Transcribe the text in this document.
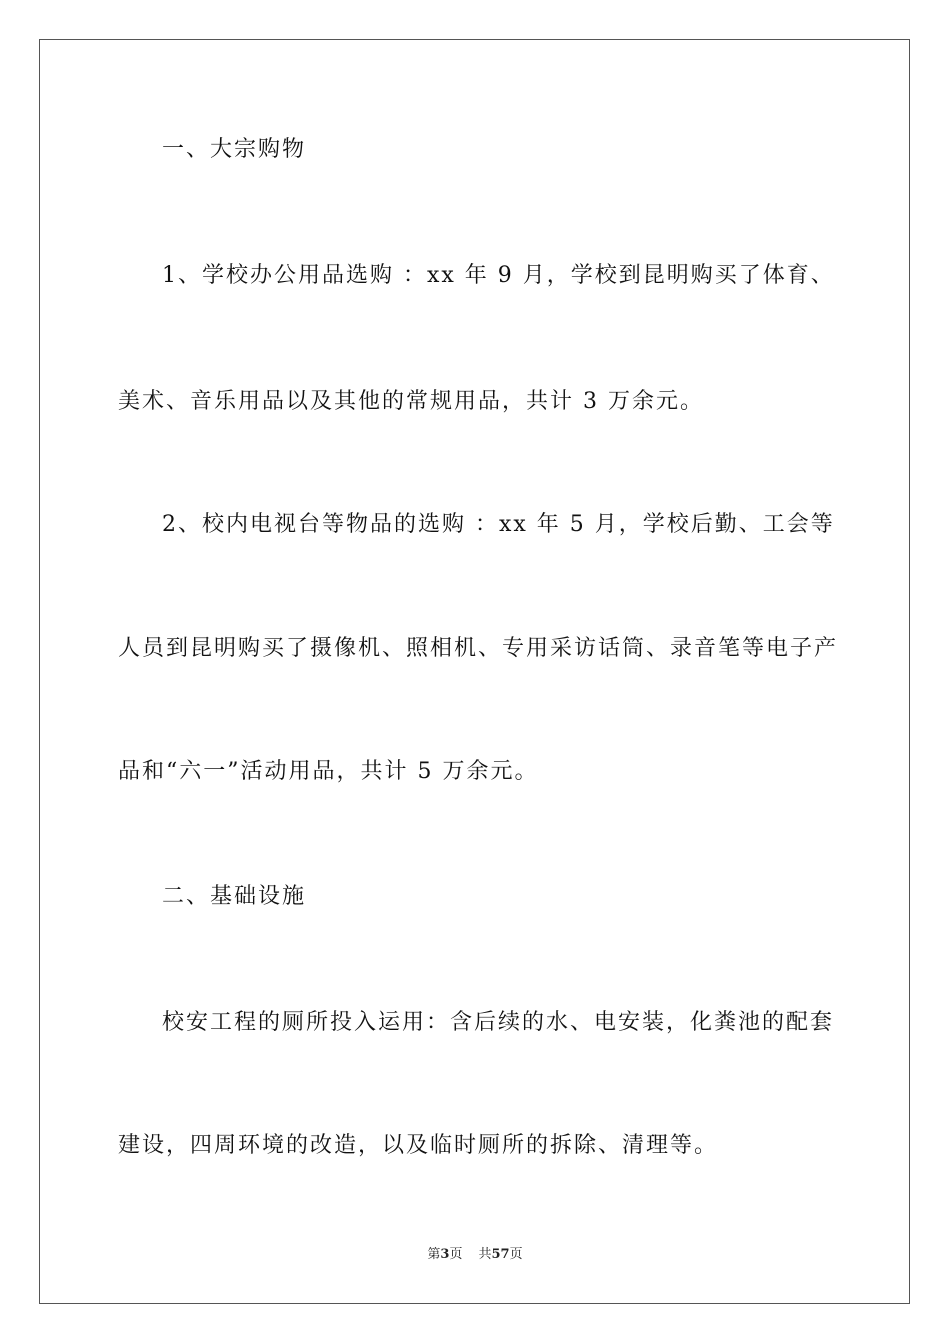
一、大宗购物
1、学校办公用品选购 ：xx 年 9 月，学校到昆明购买了体育、
美术、音乐用品以及其他的常规用品，共计 3 万余元。
2、校内电视台等物品的选购 ：xx 年 5 月，学校后勤、工会等
人员到昆明购买了摄像机、照相机、专用采访话筒、录音笔等电子产
品和“六一”活动用品，共计 5 万余元。
二、基础设施
校安工程的厕所投入运用：含后续的水、电安装，化粪池的配套
建设，四周环境的改造，以及临时厕所的拆除、清理等。
第3页 共57页
